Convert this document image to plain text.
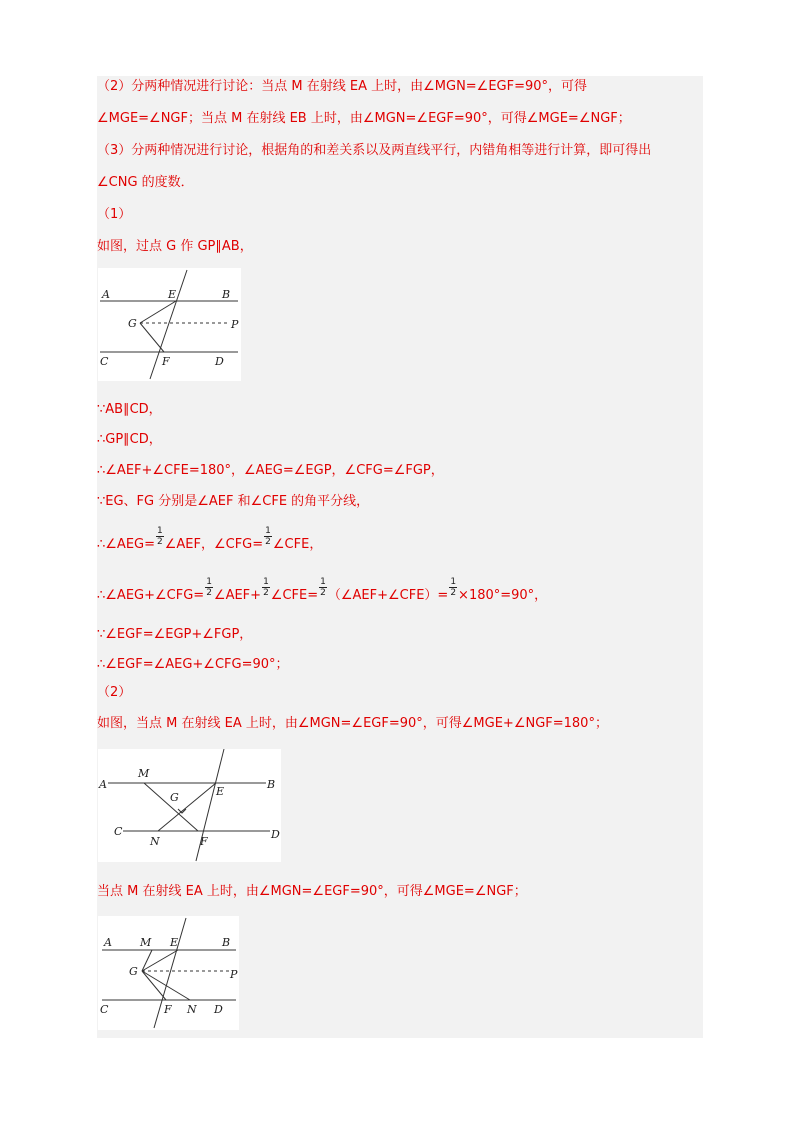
（2）分两种情况进行讨论：当点 M 在射线 EA 上时，由∠MGN=∠EGF=90°，可得
∠MGE=∠NGF；当点 M 在射线 EB 上时，由∠MGN=∠EGF=90°，可得∠MGE=∠NGF；
（3）分两种情况进行讨论，根据角的和差关系以及两直线平行，内错角相等进行计算，即可得出
∠CNG 的度数．
（1）
如图，过点 G 作 GP∥AB，
A	E	B
G	P
C	F	D
∵AB∥CD，
∴GP∥CD，
∴∠AEF+∠CFE=180°，∠AEG=∠EGP，∠CFG=∠FGP，
∵EG、FG 分别是∠AEF 和∠CFE 的角平分线，
∴∠AEG= $\frac{1}{2}$ ∠AEF，∠CFG= $\frac{1}{2}$ ∠CFE，
∴∠AEG+∠CFG= $\frac{1}{2}$ ∠AEF+ $\frac{1}{2}$ ∠CFE= $\frac{1}{2}$ （∠AEF+∠CFE）= $\frac{1}{2} \times 180^\circ=90^\circ$，
∵∠EGF=∠EGP+∠FGP，
∴∠EGF=∠AEG+∠CFG=90°；
（2）
如图，当点 M 在射线 EA 上时，由∠MGN=∠EGF=90°，可得∠MGE+∠NGF=180°；
A
M
G	E
B
C
N	F
D
当点 M 在射线 EA 上时，由∠MGN=∠EGF=90°，可得∠MGE=∠NGF；
A	M E	B
G	P
C	F N D
